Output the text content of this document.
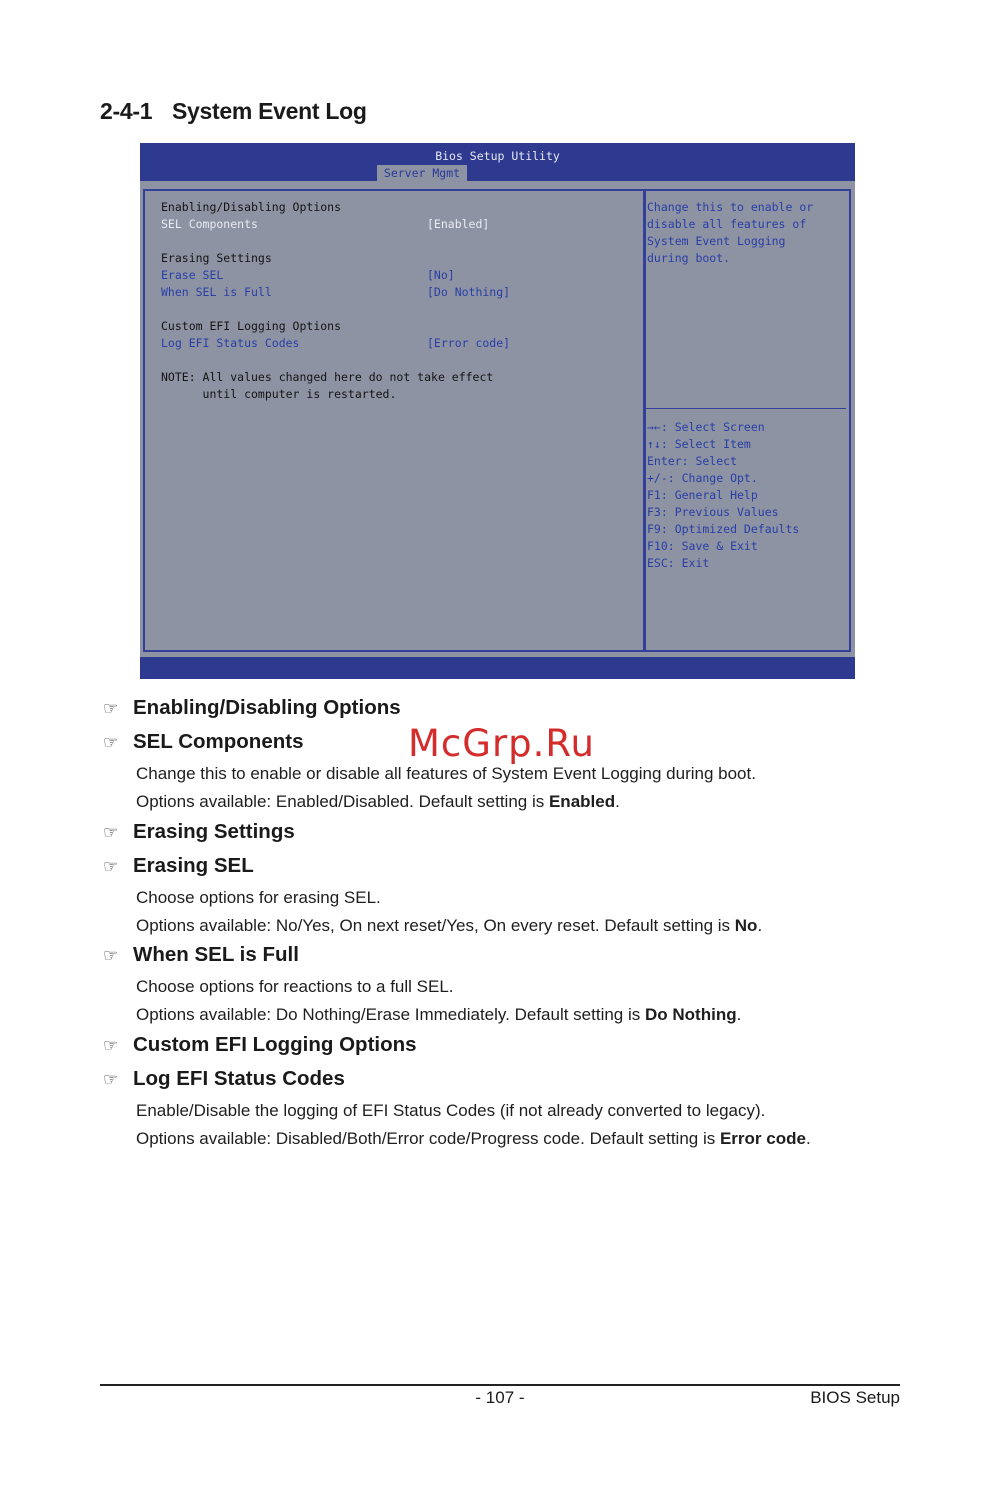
2-4-1 System Event Log
Bios Setup Utility
Server Mgmt
Enabling/Disabling Options
SEL Components	[Enabled]
Erasing Settings
Erase SEL	[No]
When SEL is Full	[Do Nothing]
Custom EFI Logging Options
Log EFI Status Codes	[Error code]
NOTE: All values changed here do not take effect
until computer is restarted.
Change this to enable or
disable all features of
System Event Logging
during boot.
→←: Select Screen
↑↓: Select Item
Enter: Select
+/-: Change Opt.
F1: General Help
F3: Previous Values
F9: Optimized Defaults
F10: Save & Exit
ESC: Exit
☞ Enabling/Disabling Options
☞ SEL Components
Change this to enable or disable all features of System Event Logging during boot.
Options available: Enabled/Disabled. Default setting is Enabled.
☞ Erasing Settings
☞ Erasing SEL
Choose options for erasing SEL.
Options available: No/Yes, On next reset/Yes, On every reset. Default setting is No.
☞ When SEL is Full
Choose options for reactions to a full SEL.
Options available: Do Nothing/Erase Immediately. Default setting is Do Nothing.
☞ Custom EFI Logging Options
☞ Log EFI Status Codes
Enable/Disable the logging of EFI Status Codes (if not already converted to legacy).
Options available: Disabled/Both/Error code/Progress code. Default setting is Error code.
McGrp.Ru
- 107 -	BIOS Setup
